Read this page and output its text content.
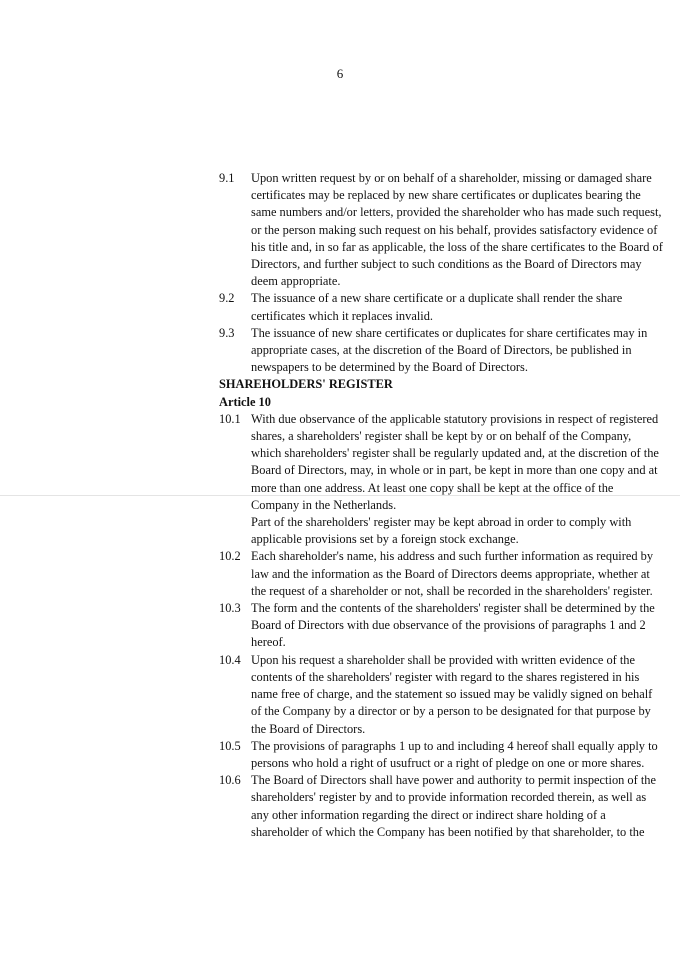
6
9.1 Upon written request by or on behalf of a shareholder, missing or damaged share certificates may be replaced by new share certificates or duplicates bearing the same numbers and/or letters, provided the shareholder who has made such request, or the person making such request on his behalf, provides satisfactory evidence of his title and, in so far as applicable, the loss of the share certificates to the Board of Directors, and further subject to such conditions as the Board of Directors may deem appropriate.
9.2 The issuance of a new share certificate or a duplicate shall render the share certificates which it replaces invalid.
9.3 The issuance of new share certificates or duplicates for share certificates may in appropriate cases, at the discretion of the Board of Directors, be published in newspapers to be determined by the Board of Directors.
SHAREHOLDERS' REGISTER
Article 10
10.1 With due observance of the applicable statutory provisions in respect of registered shares, a shareholders' register shall be kept by or on behalf of the Company, which shareholders' register shall be regularly updated and, at the discretion of the Board of Directors, may, in whole or in part, be kept in more than one copy and at more than one address. At least one copy shall be kept at the office of the Company in the Netherlands.
Part of the shareholders' register may be kept abroad in order to comply with applicable provisions set by a foreign stock exchange.
10.2 Each shareholder's name, his address and such further information as required by law and the information as the Board of Directors deems appropriate, whether at the request of a shareholder or not, shall be recorded in the shareholders' register.
10.3 The form and the contents of the shareholders' register shall be determined by the Board of Directors with due observance of the provisions of paragraphs 1 and 2 hereof.
10.4 Upon his request a shareholder shall be provided with written evidence of the contents of the shareholders' register with regard to the shares registered in his name free of charge, and the statement so issued may be validly signed on behalf of the Company by a director or by a person to be designated for that purpose by the Board of Directors.
10.5 The provisions of paragraphs 1 up to and including 4 hereof shall equally apply to persons who hold a right of usufruct or a right of pledge on one or more shares.
10.6 The Board of Directors shall have power and authority to permit inspection of the shareholders' register by and to provide information recorded therein, as well as any other information regarding the direct or indirect share holding of a shareholder of which the Company has been notified by that shareholder, to the
